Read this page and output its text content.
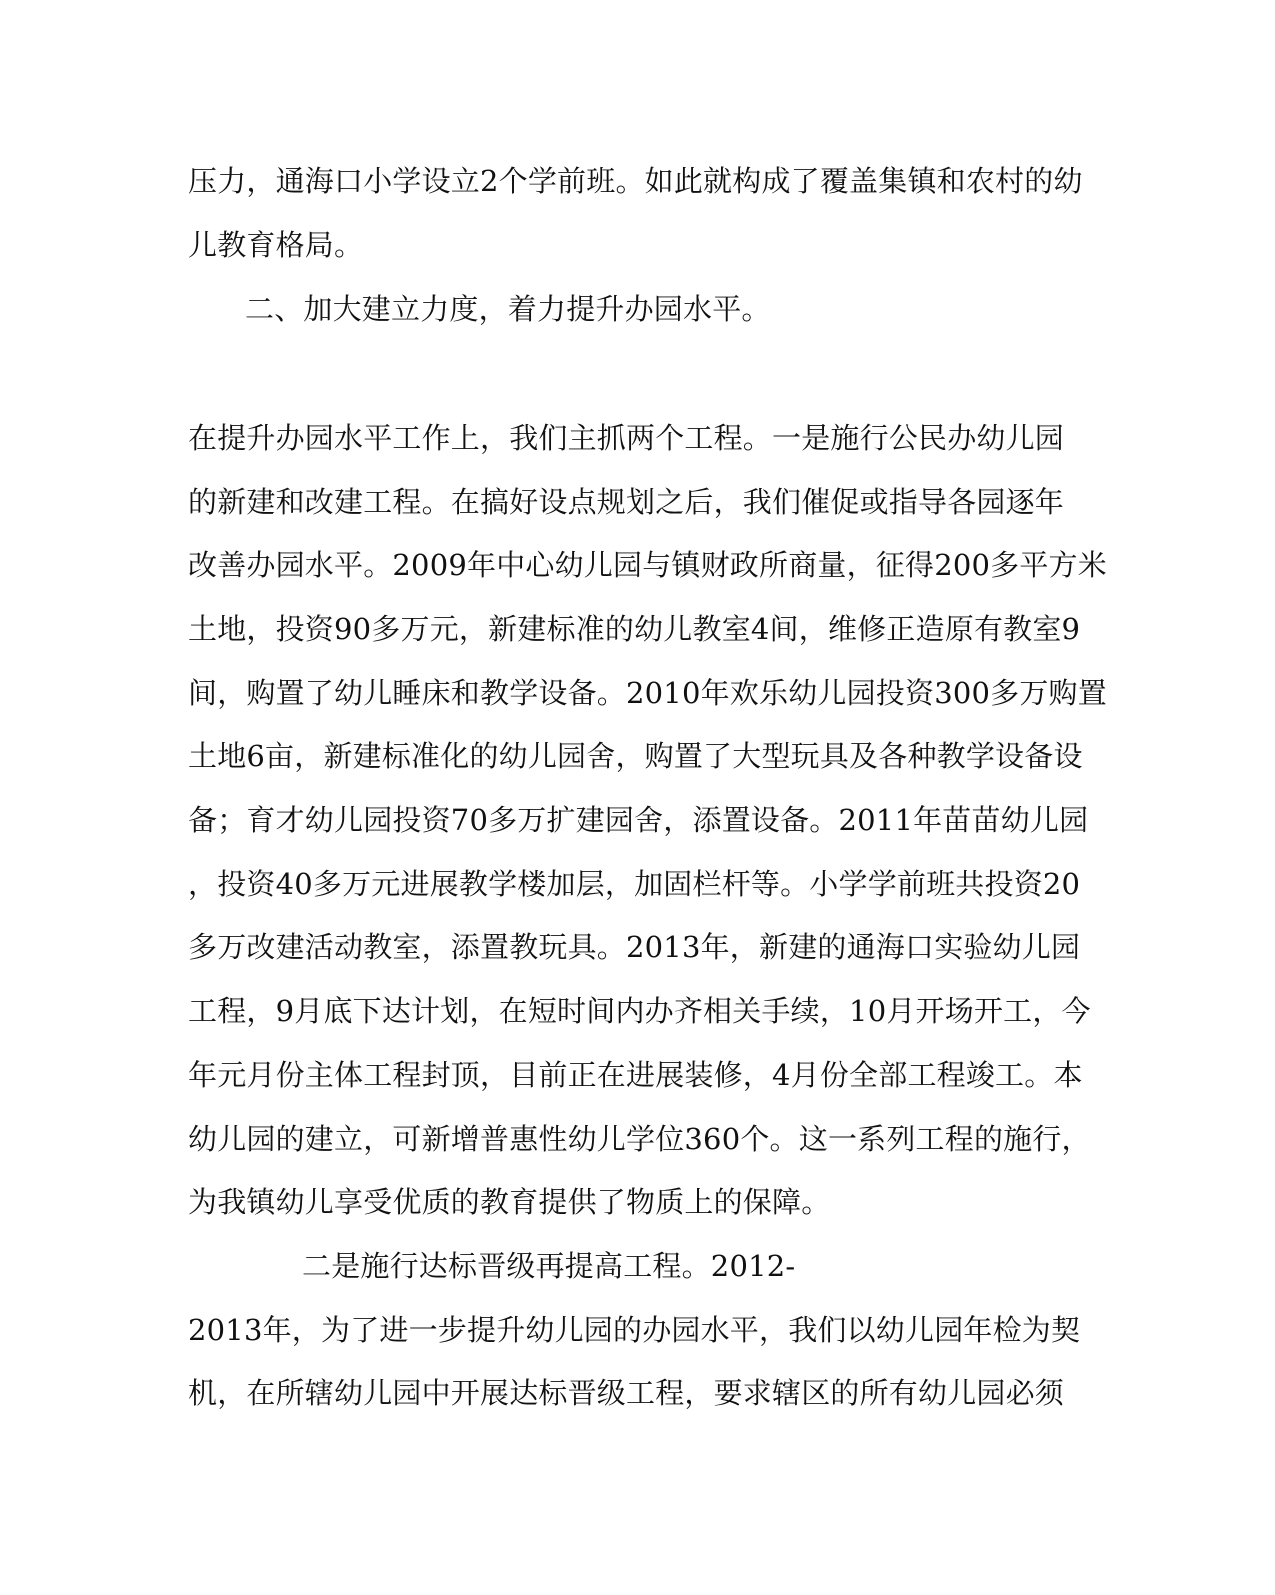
压力，通海口小学设立2个学前班。如此就构成了覆盖集镇和农村的幼
儿教育格局。
二、加大建立力度，着力提升办园水平。
在提升办园水平工作上，我们主抓两个工程。一是施行公民办幼儿园
的新建和改建工程。在搞好设点规划之后，我们催促或指导各园逐年
改善办园水平。2009年中心幼儿园与镇财政所商量，征得200多平方米
土地，投资90多万元，新建标准的幼儿教室4间，维修正造原有教室9
间，购置了幼儿睡床和教学设备。2010年欢乐幼儿园投资300多万购置
土地6亩，新建标准化的幼儿园舍，购置了大型玩具及各种教学设备设
备；育才幼儿园投资70多万扩建园舍，添置设备。2011年苗苗幼儿园
，投资40多万元进展教学楼加层，加固栏杆等。小学学前班共投资20
多万改建活动教室，添置教玩具。2013年，新建的通海口实验幼儿园
工程，9月底下达计划，在短时间内办齐相关手续，10月开场开工，今
年元月份主体工程封顶，目前正在进展装修，4月份全部工程竣工。本
幼儿园的建立，可新增普惠性幼儿学位360个。这一系列工程的施行，
为我镇幼儿享受优质的教育提供了物质上的保障。
二是施行达标晋级再提高工程。2012-
2013年，为了进一步提升幼儿园的办园水平，我们以幼儿园年检为契
机，在所辖幼儿园中开展达标晋级工程，要求辖区的所有幼儿园必须
